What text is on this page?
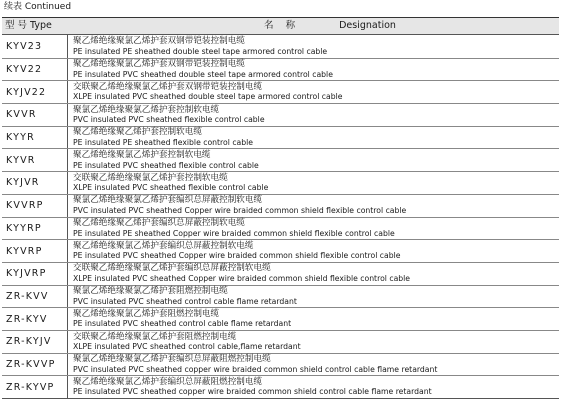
续表 Continued
型 号 Type	名    称	Designation
KYV23	聚乙烯绝缘聚氯乙烯护套双钢带铠装控制电缆
PE insulated PE sheathed double steel tape armored control cable
KYV22	聚乙烯绝缘聚氯乙烯护套双钢带铠装控制电缆
PE insulated PVC sheathed double steel tape armored control cable
KYJV22	交联聚乙烯绝缘聚氯乙烯护套双钢带铠装控制电缆
XLPE insulated PVC sheathed double steel tape armored control cable
KVVR	聚氯乙烯绝缘聚氯乙烯护套控制软电缆
PVC insulated PVC sheathed flexible control cable
KYYR	聚乙烯绝缘聚乙烯护套控制软电缆
PE insulated PE sheathed flexible control cable
KYVR	聚乙烯绝缘聚氯乙烯护套控制软电缆
PE insulated PVC sheathed flexible control cable
KYJVR	交联聚乙烯绝缘聚氯乙烯护套控制软电缆
XLPE insulated PVC sheathed flexible control cable
KVVRP	聚氯乙烯绝缘聚氯乙烯护套编织总屏蔽控制软电缆
PVC insulated PVC sheathed Copper wire braided common shield flexible control cable
KYYRP	聚乙烯绝缘聚乙烯护套编织总屏蔽控制软电缆
PE insulated PE sheathed Copper wire braided common shield flexible control cable
KYVRP	聚乙烯绝缘聚氯乙烯护套编织总屏蔽控制软电缆
PE insulated PVC sheathed Copper wire braided common shield flexible control cable
KYJVRP	交联聚乙烯绝缘聚氯乙烯护套编织总屏蔽控制软电缆
XLPE insulated PVC sheathed Copper wire braided common shield flexible control cable
ZR-KVV	聚氯乙烯绝缘聚氯乙烯护套阻燃控制电缆
PVC insulated PVC sheathed control cable flame retardant
ZR-KYV	聚乙烯绝缘聚氯乙烯护套阻燃控制电缆
PE insulated PVC sheathed control cable flame retardant
ZR-KYJV	交联聚乙烯绝缘聚氯乙烯护套阻燃控制电缆
XLPE insulated PVC sheathed control cable,flame retardant
ZR-KVVP	聚氯乙烯绝缘聚氯乙烯护套编织总屏蔽阻燃控制电缆
PVC insulated PVC sheathed copper wire braided common shield control cable flame retardant
ZR-KYVP	聚乙烯绝缘聚氯乙烯护套编织总屏蔽阻燃控制电缆
PE insulated PVC sheathed copper wire braided common shield control cable flame retardant
